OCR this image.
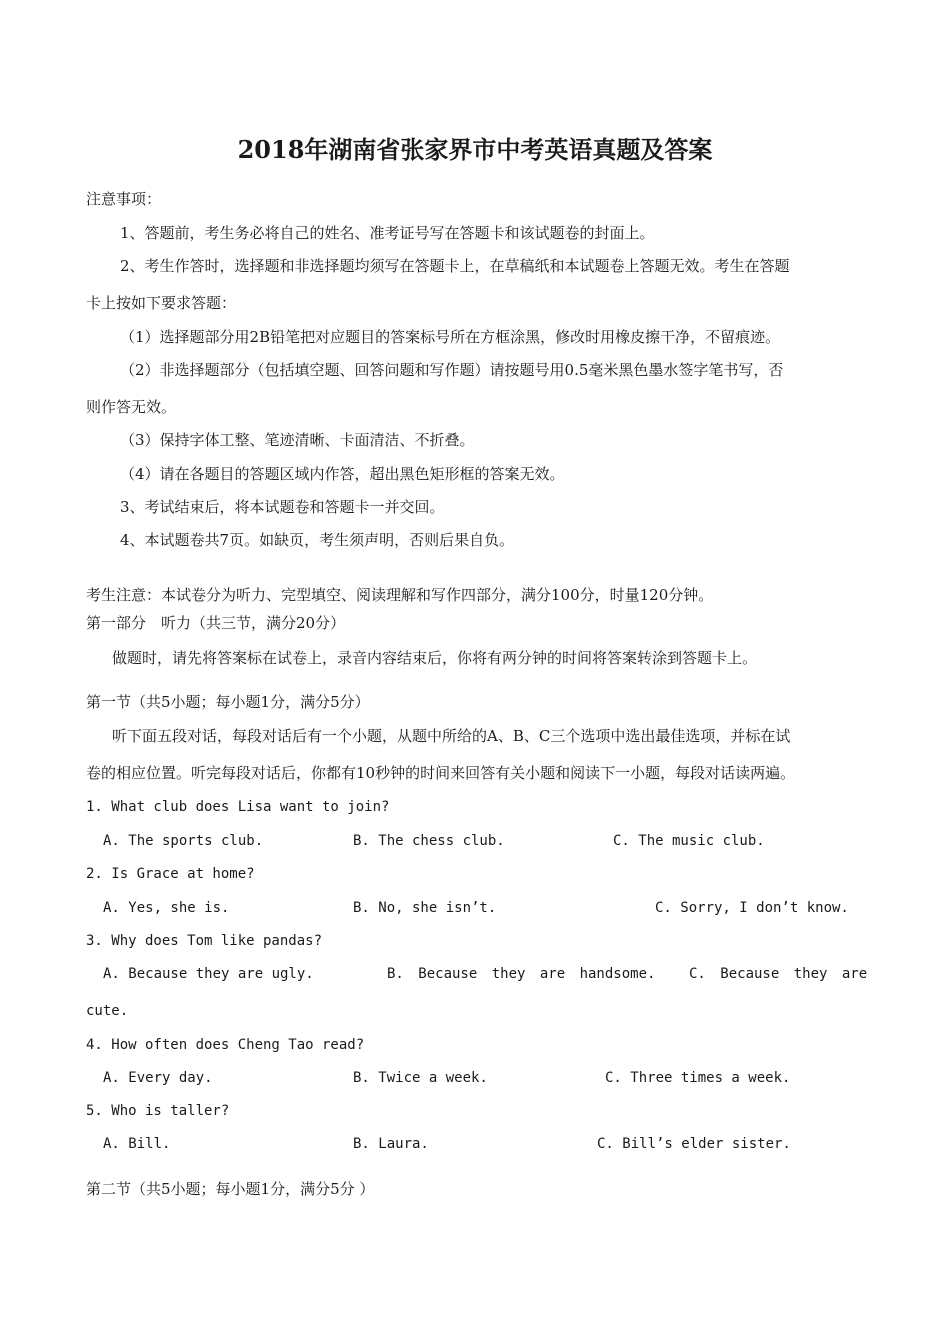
2018年湖南省张家界市中考英语真题及答案
注意事项：
1、答题前，考生务必将自己的姓名、准考证号写在答题卡和该试题卷的封面上。
2、考生作答时，选择题和非选择题均须写在答题卡上，在草稿纸和本试题卷上答题无效。考生在答题
卡上按如下要求答题：
（1）选择题部分用2B铅笔把对应题目的答案标号所在方框涂黑，修改时用橡皮擦干净，不留痕迹。
（2）非选择题部分（包括填空题、回答问题和写作题）请按题号用0.5毫米黑色墨水签字笔书写，否
则作答无效。
（3）保持字体工整、笔迹清晰、卡面清洁、不折叠。
（4）请在各题目的答题区域内作答，超出黑色矩形框的答案无效。
3、考试结束后，将本试题卷和答题卡一并交回。
4、本试题卷共7页。如缺页，考生须声明，否则后果自负。
考生注意：本试卷分为听力、完型填空、阅读理解和写作四部分，满分100分，时量120分钟。
第一部分　听力（共三节，满分20分）
做题时，请先将答案标在试卷上，录音内容结束后，你将有两分钟的时间将答案转涂到答题卡上。
第一节（共5小题；每小题1分，满分5分）
听下面五段对话，每段对话后有一个小题，从题中所给的A、B、C三个选项中选出最佳选项，并标在试
卷的相应位置。听完每段对话后，你都有10秒钟的时间来回答有关小题和阅读下一小题，每段对话读两遍。
1. What club does Lisa want to join?
A. The sports club.	B. The chess club.	C. The music club.
2. Is Grace at home?
A. Yes, she is.	B. No, she isn’t.	C. Sorry, I don’t know.
3. Why does Tom like pandas?
A. Because they are ugly.	B. Because they are handsome. C. Because they are
cute.
4. How often does Cheng Tao read?
A. Every day.	B. Twice a week.	C. Three times a week.
5. Who is taller?
A. Bill.	B. Laura.	C. Bill’s elder sister.
第二节（共5小题；每小题1分，满分5分 ）
